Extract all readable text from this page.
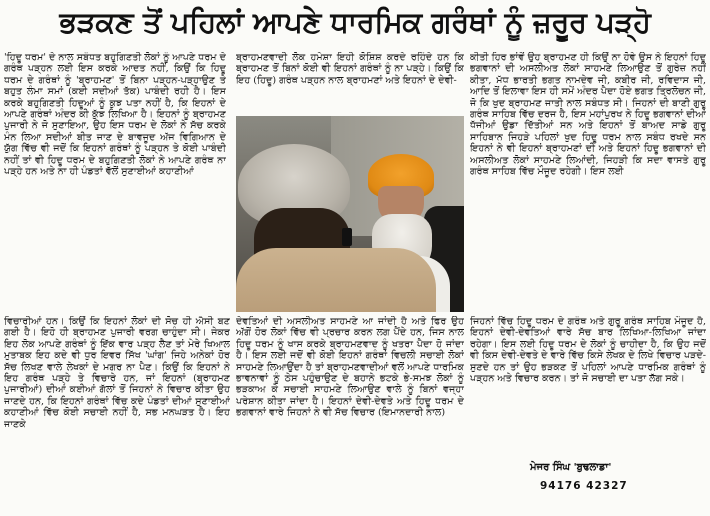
ਭੜਕਣ ਤੋਂ ਪਹਿਲਾਂ ਆਪਣੇ ਧਾਰਮਿਕ ਗਰੰਥਾਂ ਨੂੰ ਜ਼ਰੂਰ ਪੜ੍ਹੋ

'ਹਿਦੂ ਧਰਮ' ਦੇ ਨਾਲ ਸਬੰਧਤ ਬਹੁਗਿਣਤੀ ਲੋਕਾਂ ਨੂੰ ਆਪਣੇ ਧਰਮ ਦੇ ਗਰੰਥ ਪੜ੍ਹਨ ਲਈ ਇਸ ਕਰਕੇ ਆਦਤ ਨਹੀਂ, ਕਿਉਂ ਕਿ ਹਿਦੂ ਧਰਮ ਦੇ ਗਰੰਥਾਂ ਨੂੰ 'ਬ੍ਰਾਹਮਣ' ਤੋਂ ਬਿਨਾ ਪੜ੍ਹਨ-ਪੜ੍ਹਾਉਣ ਤੇ ਬਹੁਤ ਲੰਮਾ ਸਮਾਂ (ਕਈ ਸਦੀਆਂ ਤੱਕ) ਪਾਬੰਦੀ ਰਹੀ ਹੈ। ਇਸ ਕਰਕੇ ਬਹੁਗਿਣਤੀ ਹਿਦੂਆਂ ਨੂੰ ਕੁਝ ਪਤਾ ਨਹੀਂ ਹੈ, ਕਿ ਇਹਨਾਂ ਦੇ ਆਪਣੇ ਗਰੰਥਾਂ ਅੰਦਰ ਕੀ ਕੁੱਝ ਲਿਖਿਆ ਹੈ। ਇਹਨਾਂ ਨੂੰ ਬ੍ਰਾਹਮਣ ਪੁਜਾਰੀ ਨੇ ਜੋ ਸੁਣਾਇਆ, ਉਹ ਇਸ ਧਰਮ ਦੇ ਲੋਕਾਂ ਨੇ ਸੱਚ ਕਰਕੇ ਮੰਨ ਲਿਆ ਸਦੀਆਂ ਬੀਤ ਜਾਣ ਦੇ ਬਾਵਜੂਦ ਅੱਜ ਵਿਗਿਆਨ ਦੇ ਯੁੱਗ ਵਿੱਚ ਵੀ ਜਦੋਂ ਕਿ ਇਹਨਾਂ ਗਰੰਥਾਂ ਨੂੰ ਪੜ੍ਹਨ ਤੇ ਕੋਈ ਪਾਬੰਦੀ ਨਹੀਂ ਤਾਂ ਵੀ ਹਿਦੂ ਧਰਮ ਦੇ ਬਹੁਗਿਣਤੀ ਲੋਕਾਂ ਨੇ ਆਪਣੇ ਗਰੰਥ ਨਾ ਪੜ੍ਹੇ ਹਨ ਅਤੇ ਨਾ ਹੀ ਪੰਡਤਾਂ ਵੱਲੋਂ ਸੁਣਾਈਆਂ ਕਹਾਣੀਆਂ

ਬ੍ਰਾਹਮਣਵਾਦੀ ਲੋਕ ਹਮੇਸ਼ਾ ਇਹੀ ਕੋਸ਼ਿਸ਼ ਕਰਦੇ ਰਹਿੰਦੇ ਹਨ ਕਿ ਬ੍ਰਾਹਮਣ ਤੋਂ ਬਿਨਾਂ ਕੋਈ ਵੀ ਇਹਨਾਂ ਗਰੰਥਾਂ ਨੂੰ ਨਾ ਪੜ੍ਹੇ। ਕਿਉਂ ਕਿ ਇਹ (ਹਿਦੂ) ਗਰੰਥ ਪੜ੍ਹਨ ਨਾਲ ਬ੍ਰਾਹਮਣਾਂ ਅਤੇ ਇਹਨਾਂ ਦੇ ਦੇਵੀ-

ਕੀਤੀ ਹਿਰ ਭਾਂਵੇਂ ਉਹ ਬ੍ਰਾਹਮਣ ਹੀ ਕਿਉਂ ਨਾ ਹੋਵੇ ਉਸ ਨੇ ਇਹਨਾਂ ਹਿਦੂ ਭਗਵਾਨਾਂ ਦੀ ਅਸਲੀਅਤ ਲੋਕਾਂ ਸਾਹਮਣੇ ਲਿਆਉਣ ਤੋਂ ਗੁਰੇਜ਼ ਨਹੀਂ ਕੀਤਾ, ਮੱਧ ਭਾਰਤੀ ਭਗਤ ਨਾਮਦੇਵ ਜੀ, ਕਬੀਰ ਜੀ, ਰਵਿਦਾਸ ਜੀ, ਆਦਿ ਤੋਂ ਇਲਾਵਾ ਇਸ ਹੀ ਸਮੇਂ ਅੰਦਰ ਪੈਦਾ ਹੋਏ ਭਗਤ ਤ੍ਰਿਲੋਚਨ ਜੀ, ਜੋ ਕਿ ਖੁਦ ਬ੍ਰਾਹਮਣ ਜਾਤੀ ਨਾਲ ਸਬੰਧਤ ਸੀ। ਜਿਹਨਾਂ ਦੀ ਬਾਣੀ ਗੁਰੂ ਗਰੰਥ ਸਾਹਿਬ ਵਿੱਚ ਦਰਜ ਹੈ, ਇਸ ਮਹਾਂਪੁਰਖ ਨੇ ਹਿਦੂ ਭਗਵਾਨਾਂ ਦੀਆਂ ਧੱਜੀਆਂ ਉਡਾ ਦਿੱਤੀਆਂ ਸਨ ਅਤੇ ਇਹਨਾਂ ਤੋਂ ਬਾਅਦ ਸਾਡੇ ਗੁਰੂ ਸਾਹਿਬਾਨ ਜਿਹੜੇ ਪਹਿਲਾਂ ਖੁਦ ਹਿਦੂ ਧਰਮ ਨਾਲ ਸਬੰਧ ਰਖਦੇ ਸਨ ਇਹਨਾਂ ਨੇ ਵੀ ਇਹਨਾਂ ਬ੍ਰਾਹਮਣਾਂ ਦੀ ਅਤੇ ਇਹਨਾਂ ਹਿਦੂ ਭਗਵਾਨਾਂ ਦੀ ਅਸਲੀਅਤ ਲੋਕਾਂ ਸਾਹਮਣੇ ਲਿਆਂਦੀ, ਜਿਹੜੀ ਕਿ ਸਦਾ ਵਾਸਤੇ ਗੁਰੂ ਗਰੰਥ ਸਾਹਿਬ ਵਿੱਚ ਮੌਜੂਦ ਰਹੇਗੀ। ਇਸ ਲਈ

ਵਿਚਾਰੀਆਂ ਹਨ। ਕਿਉਂ ਕਿ ਇਹਨਾਂ ਲੋਕਾਂ ਦੀ ਸੋਚ ਹੀ ਐਸੀ ਬਣ ਗਈ ਹੈ। ਇਹੋ ਹੀ ਬ੍ਰਾਹਮਣ ਪੁਜਾਰੀ ਵਰਗ ਚਾਹੁੰਦਾ ਸੀ। ਜੇਕਰ ਇਹ ਲੋਕ ਆਪਣੇ ਗਰੰਥਾਂ ਨੂੰ ਇੱਕ ਵਾਰ ਪੜ੍ਹ ਲੈਣ ਤਾਂ ਮੇਰੇ ਖਿਆਲ ਮੁਤਾਬਕ ਇਹ ਕਦੇ ਵੀ ਧੁਰ ਇਵਰ ਸਿੱਖ 'ਘਾਂਗ' ਜਿਹੇ ਅਨੇਕਾਂ ਹੋਰ ਸੱਚ ਲਿਖਣ ਵਾਲੇ ਲੇਖਕਾਂ ਦੇ ਮਗਰ ਨਾ ਪੈਣ। ਕਿਉਂ ਕਿ ਇਹਨਾਂ ਨੇ ਇਹ ਗਰੰਥ ਪੜ੍ਹੇ ਤੇ ਵਿਚਾਰੇ ਹਨ, ਜਾਂ ਇਹਨਾਂ (ਬ੍ਰਾਹਮਣ ਪੁਜਾਰੀਆਂ) ਦੀਆਂ ਕਈਆਂ ਗੱਲਾਂ ਤੋਂ ਜਿਹਨਾਂ ਨੇ ਵਿਚਾਰ ਕੀਤਾ ਉਹ ਜਾਣਦੇ ਹਨ, ਕਿ ਇਹਨਾਂ ਗਰੰਥਾਂ ਵਿੱਚ ਕਦੇ ਪੰਡਤਾਂ ਦੀਆਂ ਸੁਣਾਈਆਂ ਕਹਾਣੀਆਂ ਵਿੱਚ ਕੋਈ ਸਚਾਈ ਨਹੀਂ ਹੈ, ਸਭ ਮਨਘੜਤ ਹੈ। ਇਹ ਜਾਣਕੇ

ਦੇਵਤਿਆਂ ਦੀ ਅਸਲੀਅਤ ਸਾਹਮਣੇ ਆ ਜਾਂਦੀ ਹੈ ਅਤੇ ਫਿਰ ਉਹ ਅੱਗੋਂ ਹੋਰ ਲੋਕਾਂ ਵਿੱਚ ਵੀ ਪ੍ਰਚਾਰ ਕਰਨ ਲਗ ਪੈਂਦੇ ਹਨ, ਜਿਸ ਨਾਲ ਹਿਦੂ ਧਰਮ ਨੂੰ ਖਾਸ ਕਰਕੇ ਬ੍ਰਾਹਮਣਵਾਦ ਨੂੰ ਖਤਰਾ ਪੈਦਾ ਹੋ ਜਾਂਦਾ ਹੈ। ਇਸ ਲਈ ਜਦੋਂ ਵੀ ਕੋਈ ਇਹਨਾਂ ਗਰੰਥਾਂ ਵਿਚਲੀ ਸਚਾਈ ਲੋਕਾਂ ਸਾਹਮਣੇ ਲਿਆਉਂਦਾ ਹੈ ਤਾਂ ਬ੍ਰਾਹਮਣਵਾਦੀਆਂ ਵਲੋਂ ਆਪਣੇ ਧਾਰਮਿਕ ਭਾਵਨਾਵਾਂ ਨੂੰ ਠੇਸ ਪਹੁੰਚਾਉਣ ਦੇ ਬਹਾਨੇ ਭਟਕੇ ਭੇ-ਸਮਝ ਲੋਕਾਂ ਨੂੰ ਭੜਕਾਅ ਕੇ ਸਚਾਈ ਸਾਹਮਣੇ ਲਿਆਉਣ ਵਾਲੇ ਨੂੰ ਬਿਨਾਂ ਵਜ੍ਹਾ ਪਰੇਸ਼ਾਨ ਕੀਤਾ ਜਾਂਦਾ ਹੈ। ਇਹਨਾਂ ਦੇਵੀ-ਦੇਵਤੇ ਅਤੇ ਹਿਦੂ ਧਰਮ ਦੇ ਭਗਵਾਨਾਂ ਵਾਰੇ ਜਿਹਨਾਂ ਨੇ ਵੀ ਸੱਚ ਵਿਚਾਰ (ਇਮਾਨਦਾਰੀ ਨਾਲ)

ਜਿਹਨਾਂ ਵਿੱਚ ਹਿਦੂ ਧਰਮ ਦੇ ਗਰੰਥ ਅਤੇ ਗੁਰੂ ਗਰੰਥ ਸਾਹਿਬ ਮੌਜੂਦ ਹੈ, ਇਹਨਾਂ ਦੇਵੀ-ਦੇਵਤਿਆਂ ਵਾਰੇ ਸੱਚ ਬਾਰ ਲਿਖਿਆ-ਲਿਖਿਆ ਜਾਂਦਾ ਰਹੇਗਾ। ਇਸ ਲਈ ਹਿਦੂ ਧਰਮ ਦੇ ਲੋਕਾਂ ਨੂੰ ਚਾਹੀਦਾ ਹੈ, ਕਿ ਉਹ ਜਦੋਂ ਵੀ ਕਿਸ ਦੇਵੀ-ਦੇਵਤੇ ਦੇ ਵਾਰੇ ਵਿੱਚ ਕਿਸੇ ਲੇਖਕ ਦੇ ਲਿਖੇ ਵਿਚਾਰ ਪੜਦੇ-ਸੁਣਦੇ ਹਨ ਤਾਂ ਉਹ ਭੜਕਣ ਤੋਂ ਪਹਿਲਾਂ ਆਪਣੇ ਧਾਰਮਿਕ ਗਰੰਥਾਂ ਨੂੰ ਪੜ੍ਹਨ ਅਤੇ ਵਿਚਾਰ ਕਰਨ। ਤਾਂ ਜੋ ਸਚਾਈ ਦਾ ਪਤਾ ਲੱਗ ਸਕੇ।

ਮੇਜਰ ਸਿੰਘ 'ਬੁਢਲਾਡਾ'
94176 42327
